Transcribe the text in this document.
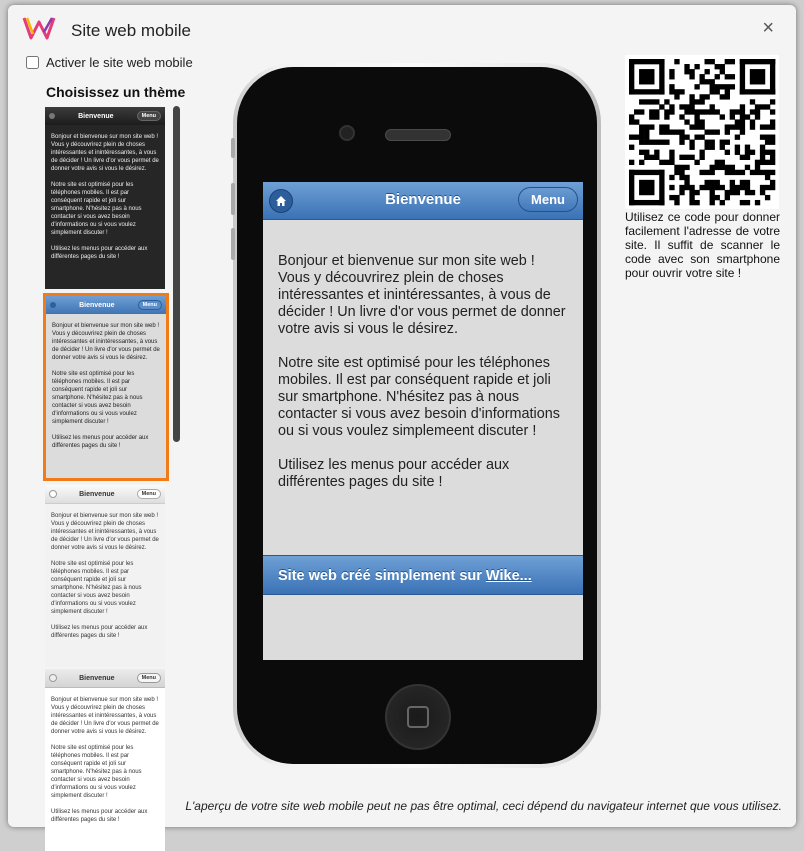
Site web mobile	×
Activer le site web mobile
Choisissez un thème
Bienvenue	Menu

Bonjour et bienvenue sur mon site web ! Vous y découvrirez plein de choses intéressantes et inintéressantes, à vous de décider ! Un livre d'or vous permet de donner votre avis si vous le désirez.

Notre site est optimisé pour les téléphones mobiles. Il est par conséquent rapide et joli sur smartphone. N'hésitez pas à nous contacter si vous avez besoin d'informations ou si vous voulez simplement discuter !

Utilisez les menus pour accéder aux différentes pages du site !

Bienvenue	Menu

Bonjour et bienvenue sur mon site web ! Vous y découvrirez plein de choses intéressantes et inintéressantes, à vous de décider ! Un livre d'or vous permet de donner votre avis si vous le désirez.

Notre site est optimisé pour les téléphones mobiles. Il est par conséquent rapide et joli sur smartphone. N'hésitez pas à nous contacter si vous avez besoin d'informations ou si vous voulez simplement discuter !

Utilisez les menus pour accéder aux différentes pages du site !

Bienvenue	Menu

Bonjour et bienvenue sur mon site web ! Vous y découvrirez plein de choses intéressantes et inintéressantes, à vous de décider ! Un livre d'or vous permet de donner votre avis si vous le désirez.

Notre site est optimisé pour les téléphones mobiles. Il est par conséquent rapide et joli sur smartphone. N'hésitez pas à nous contacter si vous avez besoin d'informations ou si vous voulez simplement discuter !

Utilisez les menus pour accéder aux différentes pages du site !

Bienvenue	Menu

Bonjour et bienvenue sur mon site web ! Vous y découvrirez plein de choses intéressantes et inintéressantes, à vous de décider ! Un livre d'or vous permet de donner votre avis si vous le désirez.

Notre site est optimisé pour les téléphones mobiles. Il est par conséquent rapide et joli sur smartphone. N'hésitez pas à nous contacter si vous avez besoin d'informations ou si vous voulez simplement discuter !

Utilisez les menus pour accéder aux différentes pages du site !

Bienvenue	Menu

Bonjour et bienvenue sur mon site web ! Vous y découvrirez plein de choses intéressantes et inintéressantes, à vous de décider ! Un livre d'or vous permet de donner votre avis si vous le désirez.

Notre site est optimisé pour les téléphones mobiles. Il est par conséquent rapide et joli sur smartphone. N'hésitez pas à nous contacter si vous avez besoin d'informations ou si vous voulez simplemeent discuter !

Utilisez les menus pour accéder aux différentes pages du site !

Site web créé simplement sur Wike...
Utilisez ce code pour donner facilement l'adresse de votre site. Il suffit de scanner le code avec son smartphone pour ouvrir votre site !
L'aperçu de votre site web mobile peut ne pas être optimal, ceci dépend du navigateur internet que vous utilisez.
